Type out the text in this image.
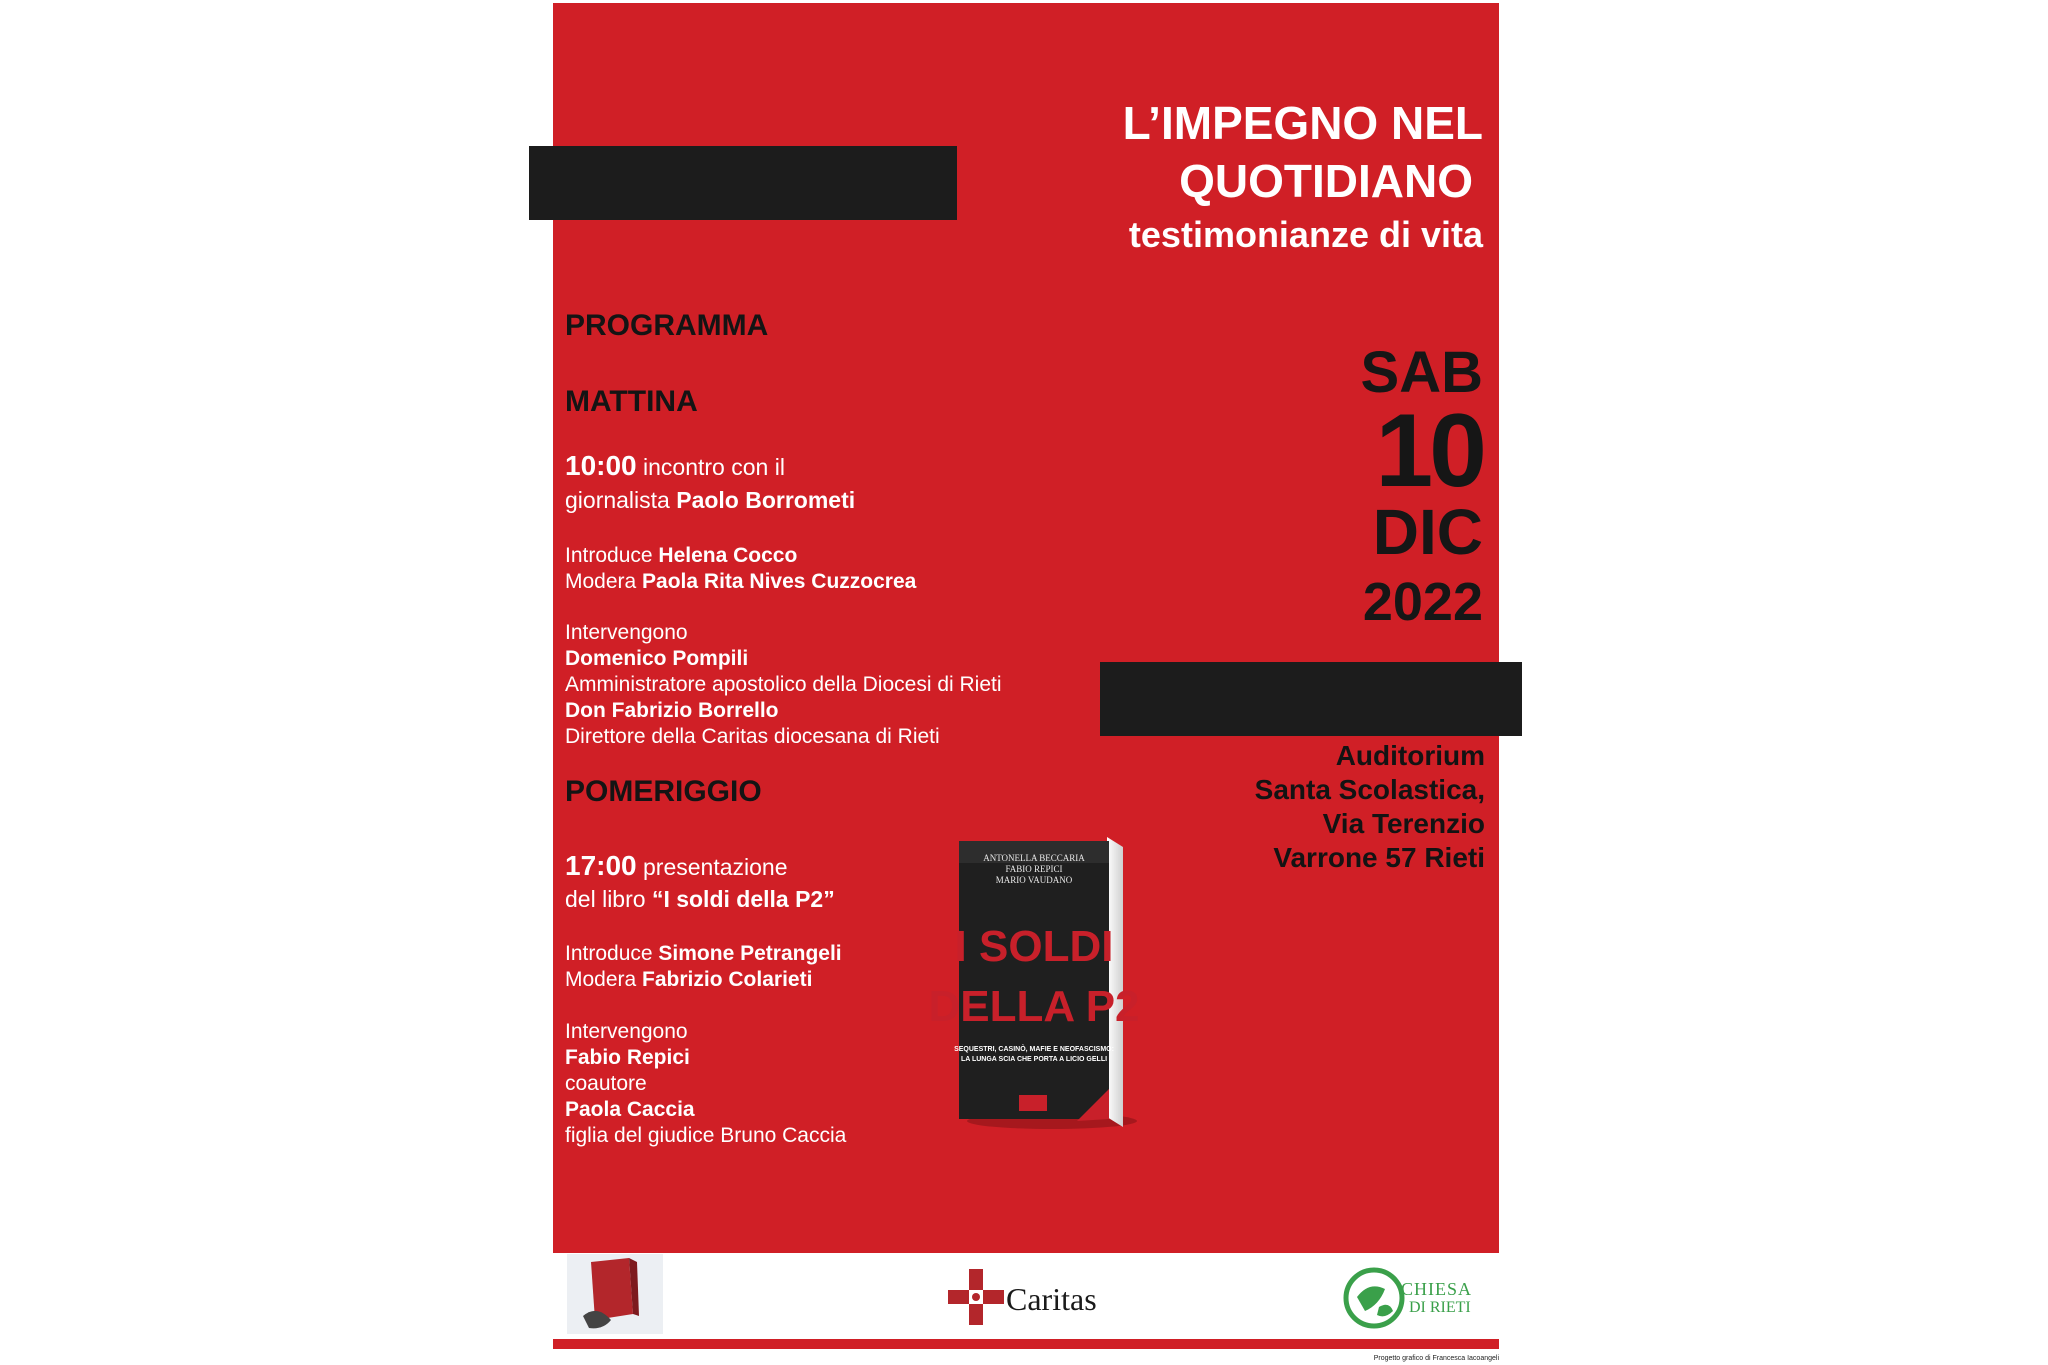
L’IMPEGNO NEL
QUOTIDIANO
testimonianze di vita
PROGRAMMA
MATTINA
10:00 incontro con il
giornalista Paolo Borrometi
Introduce Helena Cocco
Modera Paola Rita Nives Cuzzocrea
Intervengono
Domenico Pompili
Amministratore apostolico della Diocesi di Rieti
Don Fabrizio Borrello
Direttore della Caritas diocesana di Rieti
POMERIGGIO
17:00 presentazione
del libro “I soldi della P2”
Introduce Simone Petrangeli
Modera Fabrizio Colarieti
Intervengono
Fabio Repici
coautore
Paola Caccia
figlia del giudice Bruno Caccia
SAB
10
DIC
2022
Auditorium
Santa Scolastica,
Via Terenzio
Varrone 57 Rieti
ANTONELLA BECCARIA
FABIO REPICI
MARIO VAUDANO
I SOLDI
DELLA P2
SEQUESTRI, CASINÒ, MAFIE E NEOFASCISMO:
LA LUNGA SCIA CHE PORTA A LICIO GELLI
Caritas	CHIESA
DI RIETI
Progetto grafico di Francesca Iacoangeli
